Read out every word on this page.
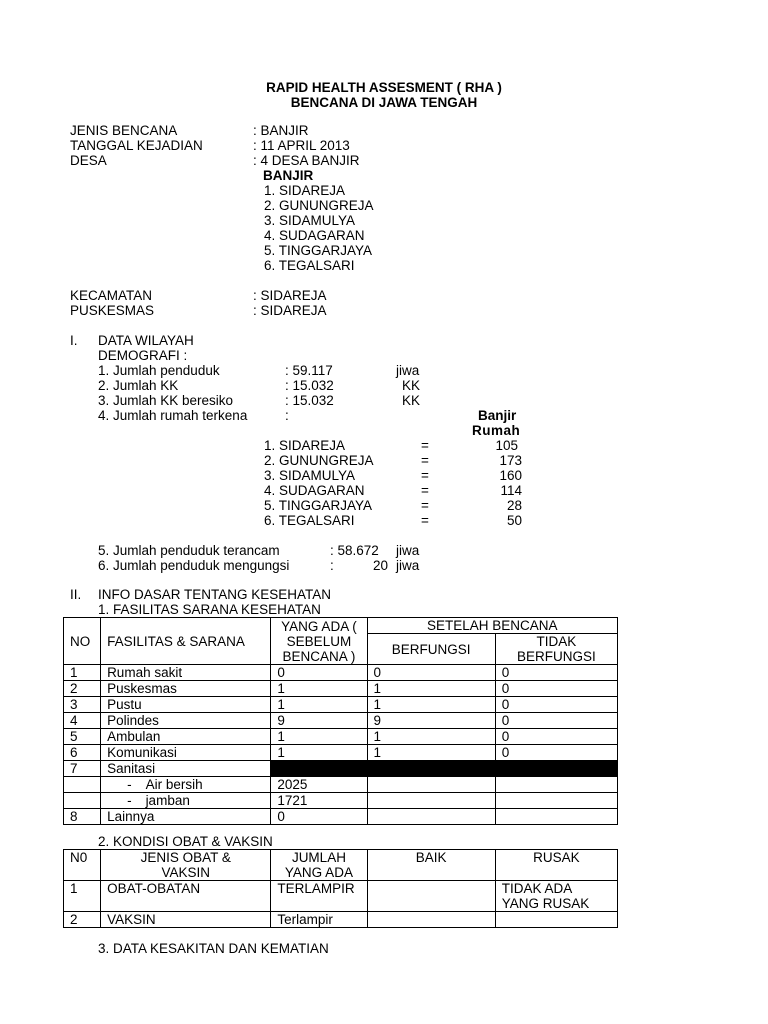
RAPID HEALTH ASSESMENT ( RHA )
BENCANA DI JAWA TENGAH
JENIS BENCANA	: BANJIR
TANGGAL KEJADIAN	: 11 APRIL 2013
DESA	: 4 DESA BANJIR
BANJIR
1. SIDAREJA
2. GUNUNGREJA
3. SIDAMULYA
4. SUDAGARAN
5. TINGGARJAYA
6. TEGALSARI
KECAMATAN	: SIDAREJA
PUSKESMAS	: SIDAREJA
I. DATA WILAYAH
DEMOGRAFI :
1. Jumlah penduduk	: 59.117	jiwa
2. Jumlah KK	: 15.032	KK
3. Jumlah KK beresiko	: 15.032	KK
4. Jumlah rumah terkena	:	Banjir
Rumah
1. SIDAREJA	=	105
2. GUNUNGREJA	=	173
3. SIDAMULYA	=	160
4. SUDAGARAN	=	114
5. TINGGARJAYA	=	28
6. TEGALSARI	=	50
5. Jumlah penduduk terancam	: 58.672 jiwa
6. Jumlah penduduk mengungsi	:	20 jiwa
II. INFO DASAR TENTANG KESEHATAN
1. FASILITAS SARANA KESEHATAN
NO	FASILITAS & SARANA	YANG ADA ( SEBELUM BENCANA )	SETELAH BENCANA	
			BERFUNGSI	TIDAK BERFUNGSI
1	Rumah sakit	0	0	0
2	Puskesmas	1	1	0
3	Pustu	1	1	0
4	Polindes	9	9	0
5	Ambulan	1	1	0
6	Komunikasi	1	1	0
7	Sanitasi			
	- Air bersih	2025		
	- jamban	1721		
8	Lainnya	0		
2. KONDISI OBAT & VAKSIN
N0	JENIS OBAT & VAKSIN	JUMLAH YANG ADA	BAIK	RUSAK
1	OBAT-OBATAN	TERLAMPIR		TIDAK ADA YANG RUSAK
2	VAKSIN	Terlampir		
3. DATA KESAKITAN DAN KEMATIAN
